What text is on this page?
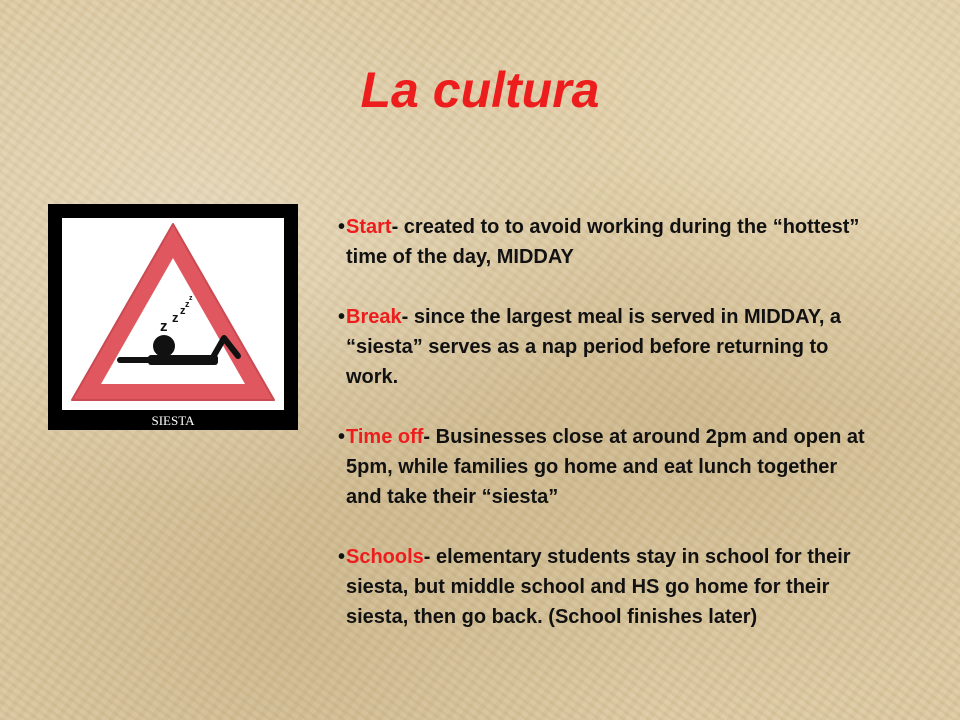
La cultura
z
z z
z
z
SIESTA
• Start- created to to avoid working during the “hottest” time of the day, MIDDAY
• Break- since the largest meal is served in MIDDAY, a “siesta” serves as a nap period before returning to work.
• Time off- Businesses close at around 2pm and open at 5pm, while families go home and eat lunch together and take their “siesta”
• Schools- elementary students stay in school for their siesta, but middle school and HS go home for their siesta, then go back. (School finishes later)
